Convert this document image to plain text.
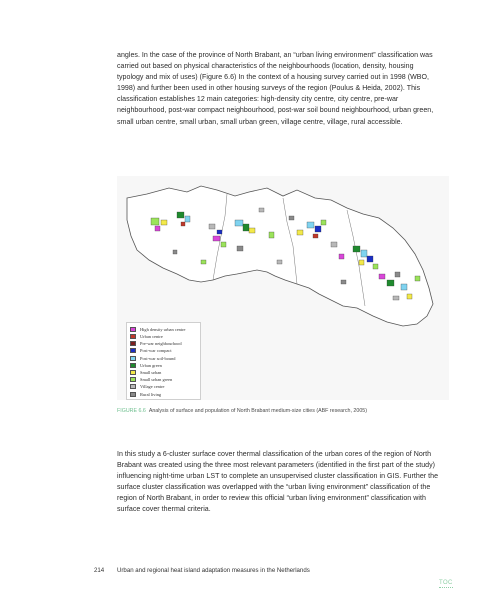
angles. In the case of the province of North Brabant, an “urban living environment” classification was carried out based on physical characteristics of the neighbourhoods (location, density, housing typology and mix of uses) (Figure 6.6) In the context of a housing survey carried out in 1998 (WBO, 1998) and further been used in other housing surveys of the region (Poulus & Heida, 2002). This classification establishes 12 main categories: high-density city centre, city centre, pre-war neighbourhood, post-war compact neighbourhood, post-war soil bound neighbourhood, urban green, small urban centre, small urban, small urban green, village centre, village, rural accessible.

High density urban centre
Urban centre
Pre-war neighbourhood
Post-war compact
Post-war soil-bound
Urban green
Small urban
Small urban green
Village centre
Rural living
FIGURE 6.6 Analysis of surface and population of North Brabant medium-size cities (ABF research, 2005)

In this study a 6-cluster surface cover thermal classification of the urban cores of the region of North Brabant was created using the three most relevant parameters (identified in the first part of the study) influencing night-time urban LST to complete an unsupervised cluster classification in GIS. Further the surface cluster classification was overlapped with the “urban living environment” classification of the region of North Brabant, in order to review this official “urban living environment” classification with surface cover thermal criteria.

214 Urban and regional heat island adaptation measures in the Netherlands
TOC
